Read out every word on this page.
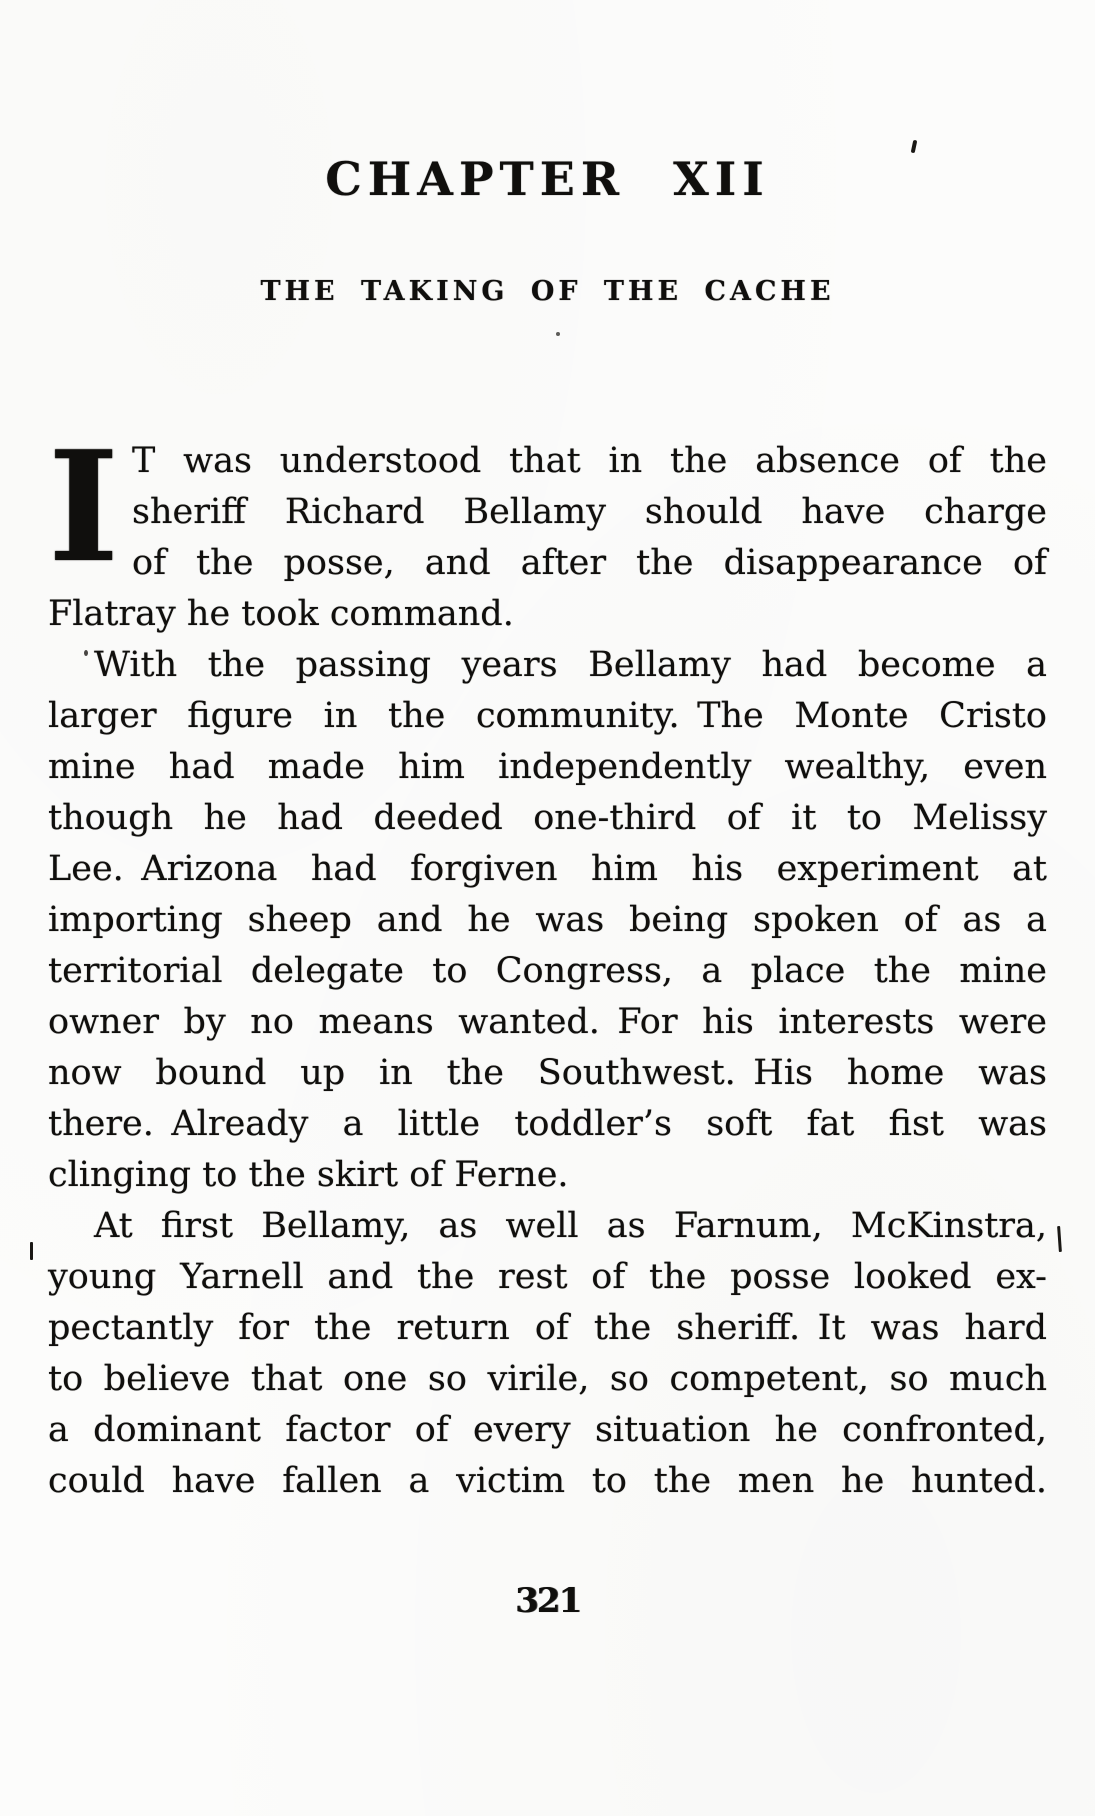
CHAPTER XII
THE TAKING OF THE CACHE
I T was understood that in the absence of the
sheriff Richard Bellamy should have charge
of the posse, and after the disappearance of
Flatray he took command.
With the passing years Bellamy had become a
larger figure in the community. The Monte Cristo
mine had made him independently wealthy, even
though he had deeded one-third of it to Melissy
Lee. Arizona had forgiven him his experiment at
importing sheep and he was being spoken of as a
territorial delegate to Congress, a place the mine
owner by no means wanted. For his interests were
now bound up in the Southwest. His home was
there. Already a little toddler’s soft fat fist was
clinging to the skirt of Ferne.
At first Bellamy, as well as Farnum, McKinstra,
young Yarnell and the rest of the posse looked ex-
pectantly for the return of the sheriff. It was hard
to believe that one so virile, so competent, so much
a dominant factor of every situation he confronted,
could have fallen a victim to the men he hunted.
321
